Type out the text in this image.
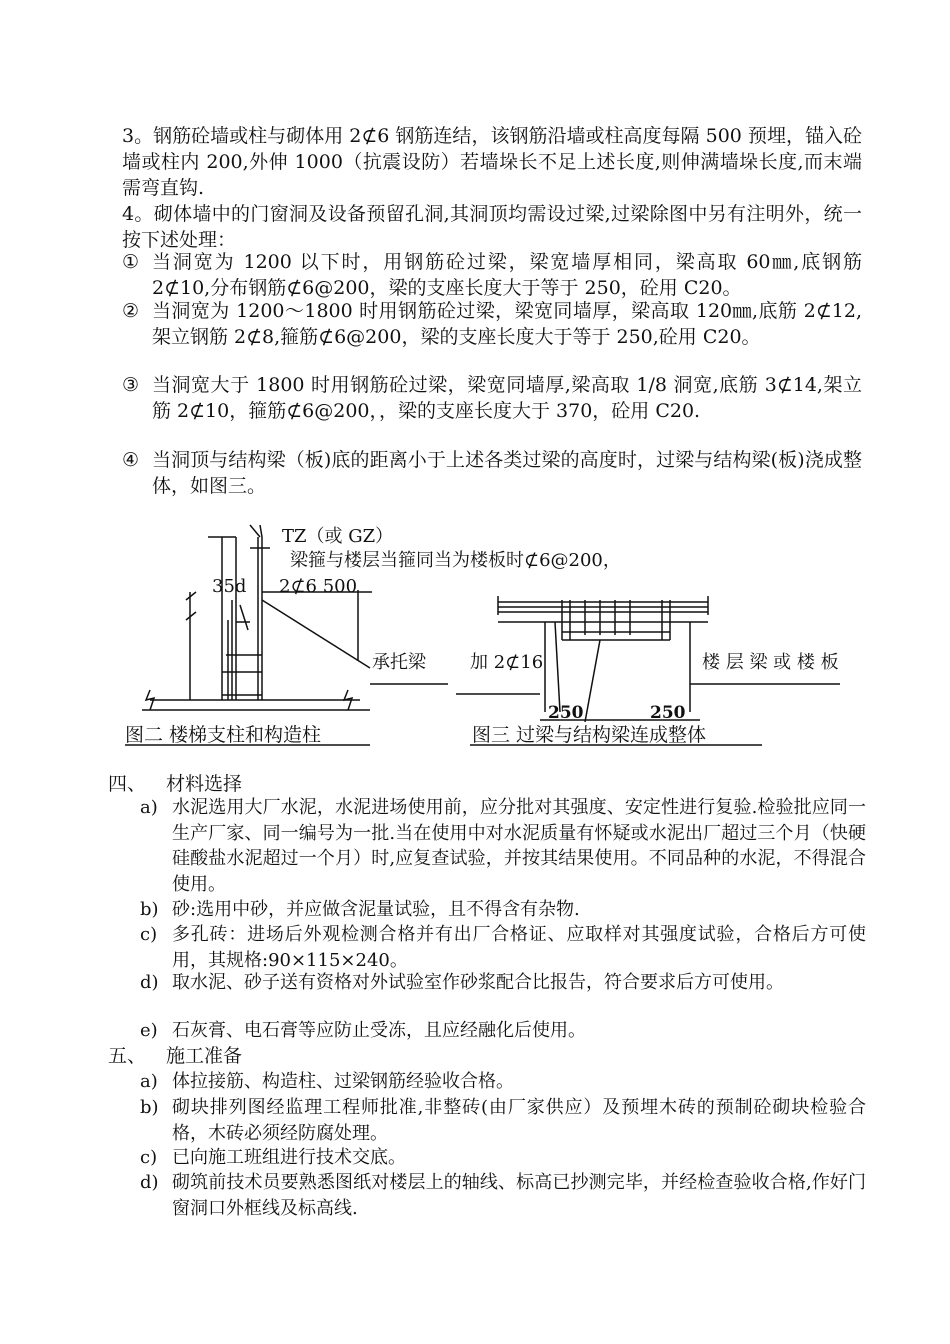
3。钢筋砼墙或柱与砌体用 2⊄6 钢筋连结，该钢筋沿墙或柱高度每隔 500 预埋，锚入砼墙或柱内 200,外伸 1000（抗震设防）若墙垛长不足上述长度,则伸满墙垛长度,而末端需弯直钩.
4。砌体墙中的门窗洞及设备预留孔洞,其洞顶均需设过梁,过梁除图中另有注明外，统一按下述处理：
① 当洞宽为 1200 以下时，用钢筋砼过梁，梁宽墙厚相同，梁高取 60㎜,底钢筋 2⊄10,分布钢筋⊄6@200，梁的支座长度大于等于 250，砼用 C20。
② 当洞宽为 1200～1800 时用钢筋砼过梁，梁宽同墙厚，梁高取 120㎜,底筋 2⊄12,架立钢筋 2⊄8,箍筋⊄6@200，梁的支座长度大于等于 250,砼用 C20。
③ 当洞宽大于 1800 时用钢筋砼过梁，梁宽同墙厚,梁高取 1/8 洞宽,底筋 3⊄14,架立筋 2⊄10，箍筋⊄6@200，，梁的支座长度大于 370，砼用 C20.
④ 当洞顶与结构梁（板)底的距离小于上述各类过梁的高度时，过梁与结构梁(板)浇成整体，如图三。
TZ（或 GZ）
梁箍与楼层当箍同当为楼板时⊄6@200，
35d 2⊄6 500
承托梁 加 2⊄16	楼 层 梁 或 楼 板
250	250
图二 楼梯支柱和构造柱	图三 过梁与结构梁连成整体
四、 材料选择
a) 水泥选用大厂水泥，水泥进场使用前，应分批对其强度、安定性进行复验.检验批应同一生产厂家、同一编号为一批.当在使用中对水泥质量有怀疑或水泥出厂超过三个月（快硬硅酸盐水泥超过一个月）时,应复查试验，并按其结果使用。不同品种的水泥，不得混合使用。
b) 砂:选用中砂，并应做含泥量试验，且不得含有杂物.
c) 多孔砖：进场后外观检测合格并有出厂合格证、应取样对其强度试验，合格后方可使用，其规格:90×115×240。
d) 取水泥、砂子送有资格对外试验室作砂浆配合比报告，符合要求后方可使用。
e) 石灰膏、电石膏等应防止受冻，且应经融化后使用。
五、 施工准备
a) 体拉接筋、构造柱、过梁钢筋经验收合格。
b) 砌块排列图经监理工程师批准,非整砖(由厂家供应）及预埋木砖的预制砼砌块检验合格，木砖必须经防腐处理。
c) 已向施工班组进行技术交底。
d) 砌筑前技术员要熟悉图纸对楼层上的轴线、标高已抄测完毕，并经检查验收合格,作好门窗洞口外框线及标高线.
